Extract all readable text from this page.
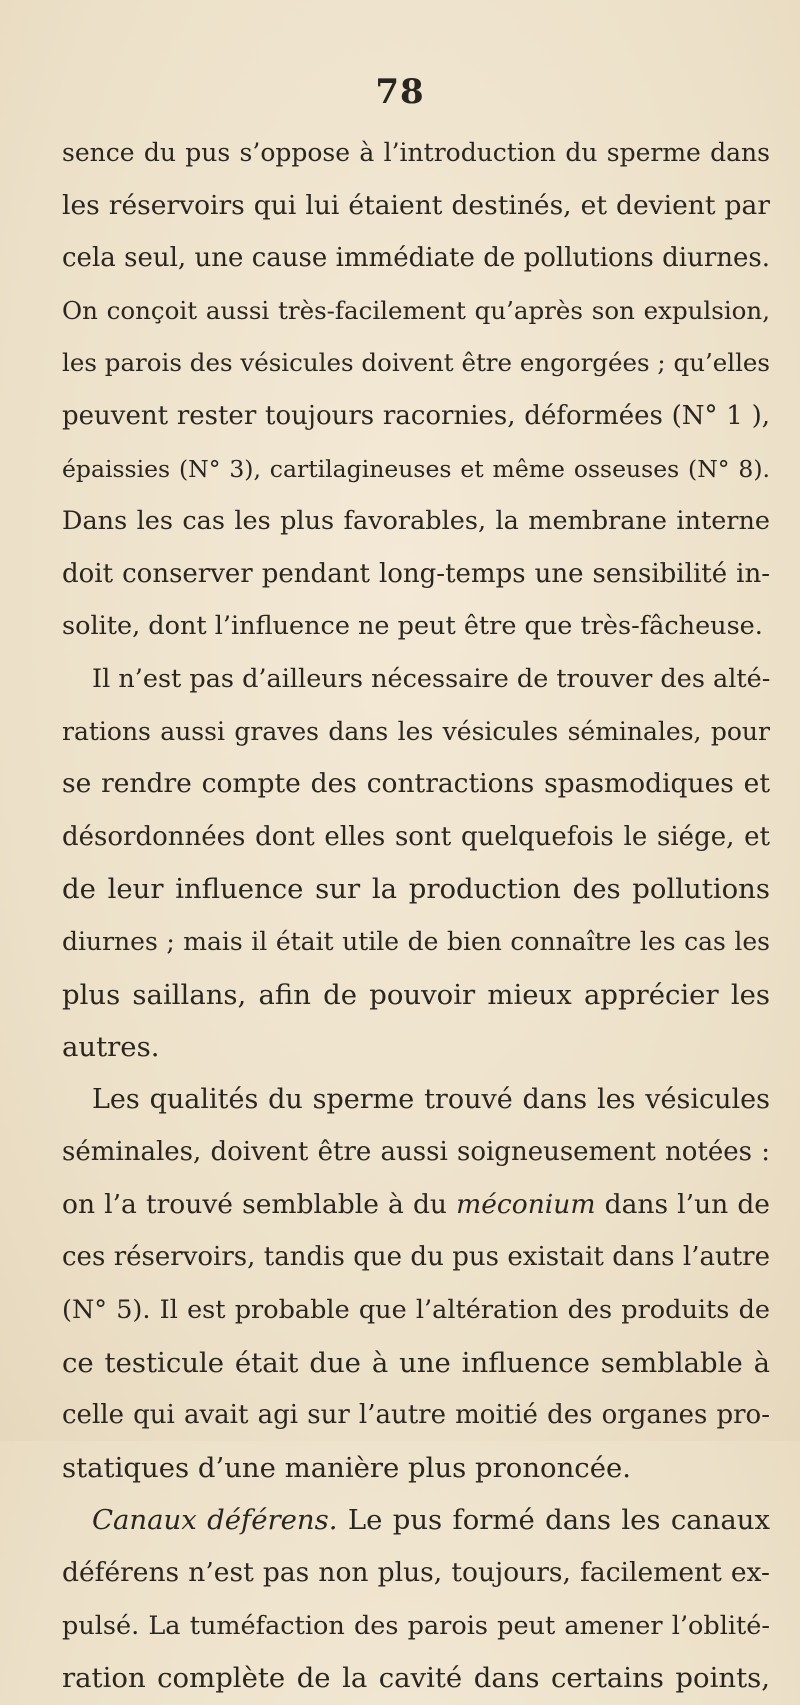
78
sence du pus s’oppose à l’introduction du sperme dans
les réservoirs qui lui étaient destinés, et devient par
cela seul, une cause immédiate de pollutions diurnes.
On conçoit aussi très-facilement qu’après son expulsion,
les parois des vésicules doivent être engorgées ; qu’elles
peuvent rester toujours racornies, déformées (N° 1 ),
épaissies (N° 3), cartilagineuses et même osseuses (N° 8).
Dans les cas les plus favorables, la membrane interne
doit conserver pendant long-temps une sensibilité in-
solite, dont l’influence ne peut être que très-fâcheuse.
Il n’est pas d’ailleurs nécessaire de trouver des alté-
rations aussi graves dans les vésicules séminales, pour
se rendre compte des contractions spasmodiques et
désordonnées dont elles sont quelquefois le siége, et
de leur influence sur la production des pollutions
diurnes ; mais il était utile de bien connaître les cas les
plus saillans, afin de pouvoir mieux apprécier les
autres.
Les qualités du sperme trouvé dans les vésicules
séminales, doivent être aussi soigneusement notées :
on l’a trouvé semblable à du méconium dans l’un de
ces réservoirs, tandis que du pus existait dans l’autre
(N° 5). Il est probable que l’altération des produits de
ce testicule était due à une influence semblable à
celle qui avait agi sur l’autre moitié des organes pro-
statiques d’une manière plus prononcée.
Canaux déférens. Le pus formé dans les canaux
déférens n’est pas non plus, toujours, facilement ex-
pulsé. La tuméfaction des parois peut amener l’oblité-
ration complète de la cavité dans certains points,
